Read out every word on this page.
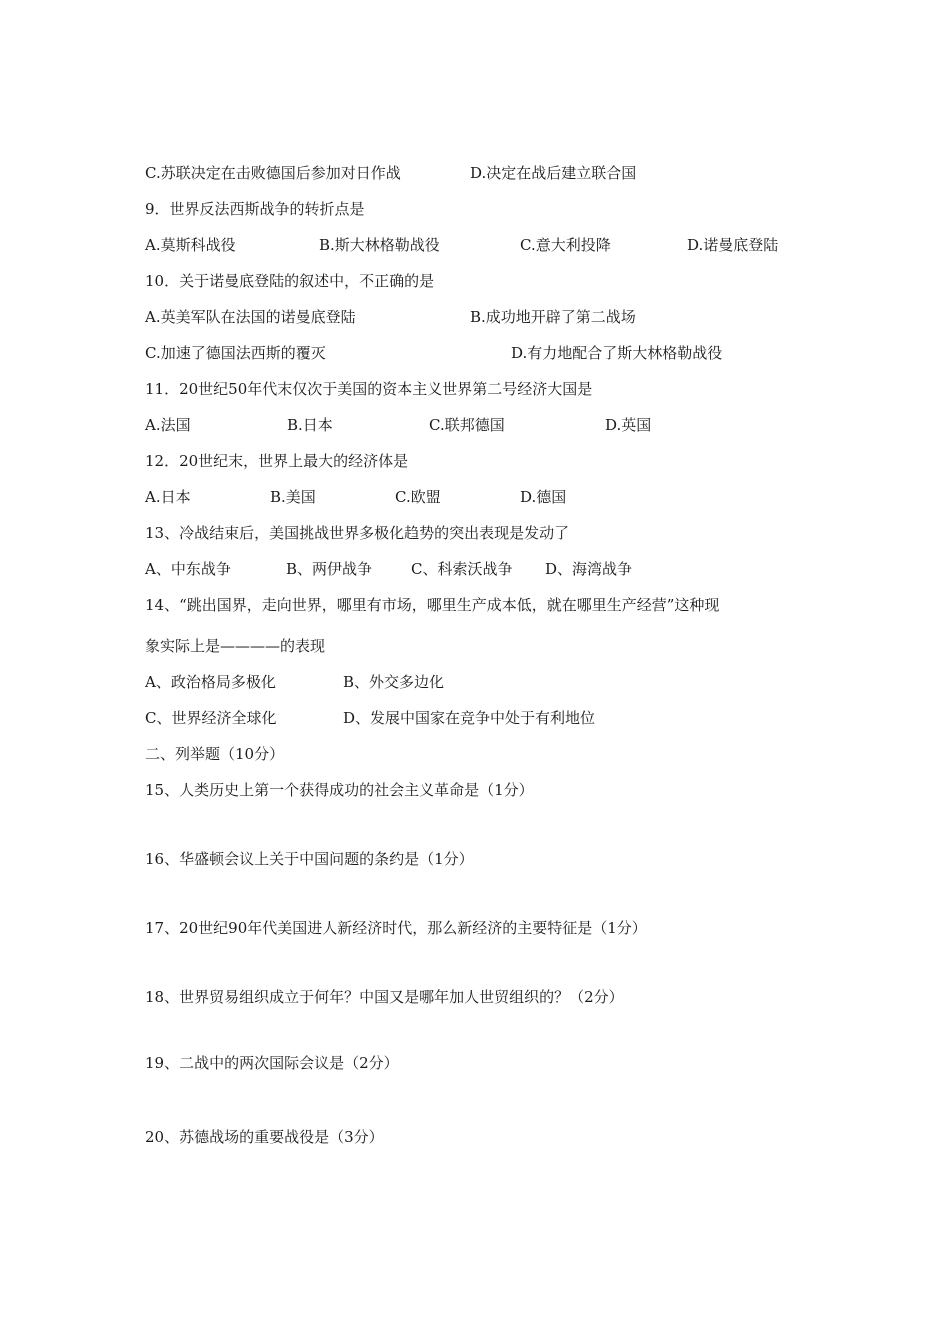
C.苏联决定在击败德国后参加对日作战	D.决定在战后建立联合国
9．世界反法西斯战争的转折点是
A.莫斯科战役	B.斯大林格勒战役	C.意大利投降	D.诺曼底登陆
10．关于诺曼底登陆的叙述中，不正确的是
A.英美军队在法国的诺曼底登陆	B.成功地开辟了第二战场
C.加速了德国法西斯的覆灭	D.有力地配合了斯大林格勒战役
11．20世纪50年代末仅次于美国的资本主义世界第二号经济大国是
A.法国	B.日本	C.联邦德国	D.英国
12．20世纪末，世界上最大的经济体是
A.日本	B.美国	C.欧盟	D.德国
13、冷战结束后，美国挑战世界多极化趋势的突出表现是发动了
A、中东战争	B、两伊战争	C、科索沃战争 D、海湾战争
14、“跳出国界，走向世界，哪里有市场，哪里生产成本低，就在哪里生产经营”这种现
象实际上是————的表现
A、政治格局多极化	B、外交多边化
C、世界经济全球化	D、发展中国家在竞争中处于有利地位
二、列举题（10分）
15、人类历史上第一个获得成功的社会主义革命是（1分）
16、华盛顿会议上关于中国问题的条约是（1分）
17、20世纪90年代美国进人新经济时代，那么新经济的主要特征是（1分）
18、世界贸易组织成立于何年？中国又是哪年加人世贸组织的？（2分）
19、二战中的两次国际会议是（2分）
20、苏德战场的重要战役是（3分）
